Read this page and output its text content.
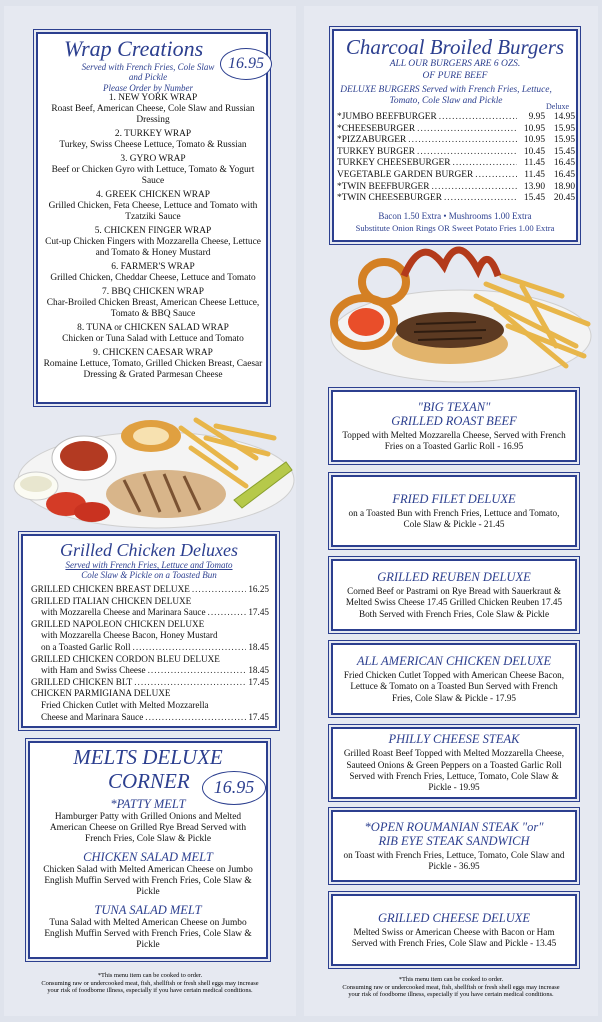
Wrap Creations
16.95
Served with French Fries, Cole Slaw and Pickle
Please Order by Number
1. NEW YORK WRAP
Roast Beef, American Cheese, Cole Slaw and Russian Dressing
2. TURKEY WRAP
Turkey, Swiss Cheese Lettuce, Tomato & Russian
3. GYRO WRAP
Beef or Chicken Gyro with Lettuce, Tomato & Yogurt Sauce
4. GREEK CHICKEN WRAP
Grilled Chicken, Feta Cheese, Lettuce and Tomato with Tzatziki Sauce
5. CHICKEN FINGER WRAP
Cut-up Chicken Fingers with Mozzarella Cheese, Lettuce and Tomato & Honey Mustard
6. FARMER'S WRAP
Grilled Chicken, Cheddar Cheese, Lettuce and Tomato
7. BBQ CHICKEN WRAP
Char-Broiled Chicken Breast, American Cheese Lettuce, Tomato & BBQ Sauce
8. TUNA or CHICKEN SALAD WRAP
Chicken or Tuna Salad with Lettuce and Tomato
9. CHICKEN CAESAR WRAP
Romaine Lettuce, Tomato, Grilled Chicken Breast, Caesar Dressing & Grated Parmesan Cheese
Grilled Chicken Deluxes
Served with French Fries, Lettuce and Tomato
Cole Slaw & Pickle on a Toasted Bun
GRILLED CHICKEN BREAST DELUXE .....	16.25
GRILLED ITALIAN CHICKEN DELUXE
with Mozzarella Cheese and Marinara Sauce .....	17.45
GRILLED NAPOLEON CHICKEN DELUXE
with Mozzarella Cheese Bacon, Honey Mustard
on a Toasted Garlic Roll .....	18.45
GRILLED CHICKEN CORDON BLEU DELUXE
with Ham and Swiss Cheese .....	18.45
GRILLED CHICKEN BLT .....	17.45
CHICKEN PARMIGIANA DELUXE
Fried Chicken Cutlet with Melted Mozzarella
Cheese and Marinara Sauce .....	17.45
MELTS DELUXE
CORNER	16.95
*PATTY MELT
Hamburger Patty with Grilled Onions and Melted American Cheese on Grilled Rye Bread Served with French Fries, Cole Slaw & Pickle
CHICKEN SALAD MELT
Chicken Salad with Melted American Cheese on Jumbo English Muffin Served with French Fries, Cole Slaw & Pickle
TUNA SALAD MELT
Tuna Salad with Melted American Cheese on Jumbo English Muffin Served with French Fries, Cole Slaw & Pickle
*This menu item can be cooked to order.
Consuming raw or undercooked meat, fish, shellfish or fresh shell eggs may increase
your risk of foodborne illness, especially if you have certain medical conditions.
Charcoal Broiled Burgers
ALL OUR BURGERS ARE 6 OZS.
OF PURE BEEF
DELUXE BURGERS Served with French Fries, Lettuce, Tomato, Cole Slaw and Pickle
Deluxe
*JUMBO BEEFBURGER .....	9.95 14.95
*CHEESEBURGER .....	10.95 15.95
*PIZZABURGER .....	10.95 15.95
TURKEY BURGER .....	10.45 15.45
TURKEY CHEESEBURGER .....	11.45 16.45
VEGETABLE GARDEN BURGER .....	11.45 16.45
*TWIN BEEFBURGER .....	13.90 18.90
*TWIN CHEESEBURGER .....	15.45 20.45
Bacon 1.50 Extra • Mushrooms 1.00 Extra
Substitute Onion Rings OR Sweet Potato Fries 1.00 Extra
"BIG TEXAN"
GRILLED ROAST BEEF
Topped with Melted Mozzarella Cheese, Served with French Fries on a Toasted Garlic Roll - 16.95
FRIED FILET DELUXE
on a Toasted Bun with French Fries, Lettuce and Tomato, Cole Slaw & Pickle - 21.45
GRILLED REUBEN DELUXE
Corned Beef or Pastrami on Rye Bread with Sauerkraut & Melted Swiss Cheese 17.45 Grilled Chicken Reuben 17.45 Both Served with French Fries, Cole Slaw & Pickle
ALL AMERICAN CHICKEN DELUXE
Fried Chicken Cutlet Topped with American Cheese Bacon, Lettuce & Tomato on a Toasted Bun Served with French Fries, Cole Slaw & Pickle - 17.95
PHILLY CHEESE STEAK
Grilled Roast Beef Topped with Melted Mozzarella Cheese, Sauteed Onions & Green Peppers on a Toasted Garlic Roll Served with French Fries, Lettuce, Tomato, Cole Slaw & Pickle - 19.95
*OPEN ROUMANIAN STEAK "or"
RIB EYE STEAK SANDWICH
on Toast with French Fries, Lettuce, Tomato, Cole Slaw and Pickle - 36.95
GRILLED CHEESE DELUXE
Melted Swiss or American Cheese with Bacon or Ham Served with French Fries, Cole Slaw and Pickle - 13.45
*This menu item can be cooked to order.
Consuming raw or undercooked meat, fish, shellfish or fresh shell eggs may increase
your risk of foodborne illness, especially if you have certain medical conditions.
